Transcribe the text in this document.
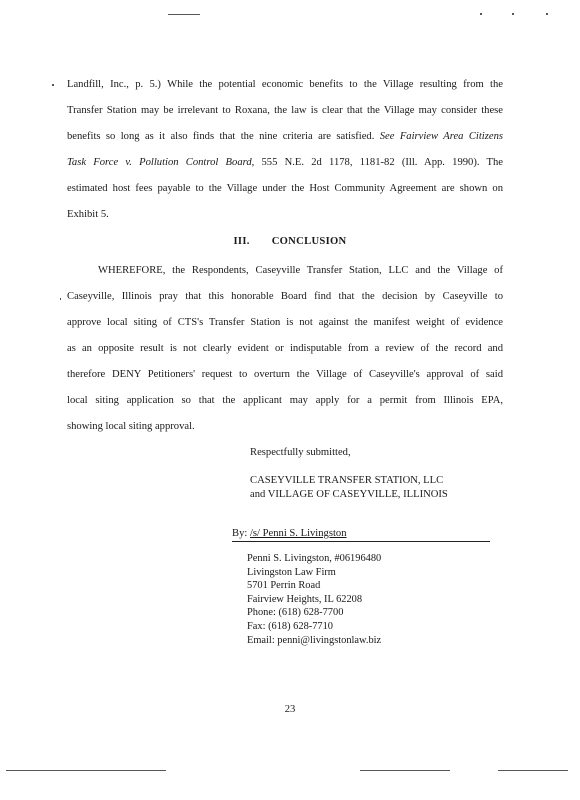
Landfill, Inc., p. 5.) While the potential economic benefits to the Village resulting from the
Transfer Station may be irrelevant to Roxana, the law is clear that the Village may consider these
benefits so long as it also finds that the nine criteria are satisfied. See Fairview Area Citizens
Task Force v. Pollution Control Board, 555 N.E. 2d 1178, 1181-82 (Ill. App. 1990). The
estimated host fees payable to the Village under the Host Community Agreement are shown on
Exhibit 5.
III. CONCLUSION
WHEREFORE, the Respondents, Caseyville Transfer Station, LLC and the Village of
Caseyville, Illinois pray that this honorable Board find that the decision by Caseyville to
approve local siting of CTS's Transfer Station is not against the manifest weight of evidence
as an opposite result is not clearly evident or indisputable from a review of the record and
therefore DENY Petitioners' request to overturn the Village of Caseyville's approval of said
local siting application so that the applicant may apply for a permit from Illinois EPA,
showing local siting approval.
Respectfully submitted,
CASEYVILLE TRANSFER STATION, LLC
and VILLAGE OF CASEYVILLE, ILLINOIS
By: /s/ Penni S. Livingston
Penni S. Livingston, #06196480
Livingston Law Firm
5701 Perrin Road
Fairview Heights, IL 62208
Phone: (618) 628-7700
Fax: (618) 628-7710
Email: penni@livingstonlaw.biz
23
